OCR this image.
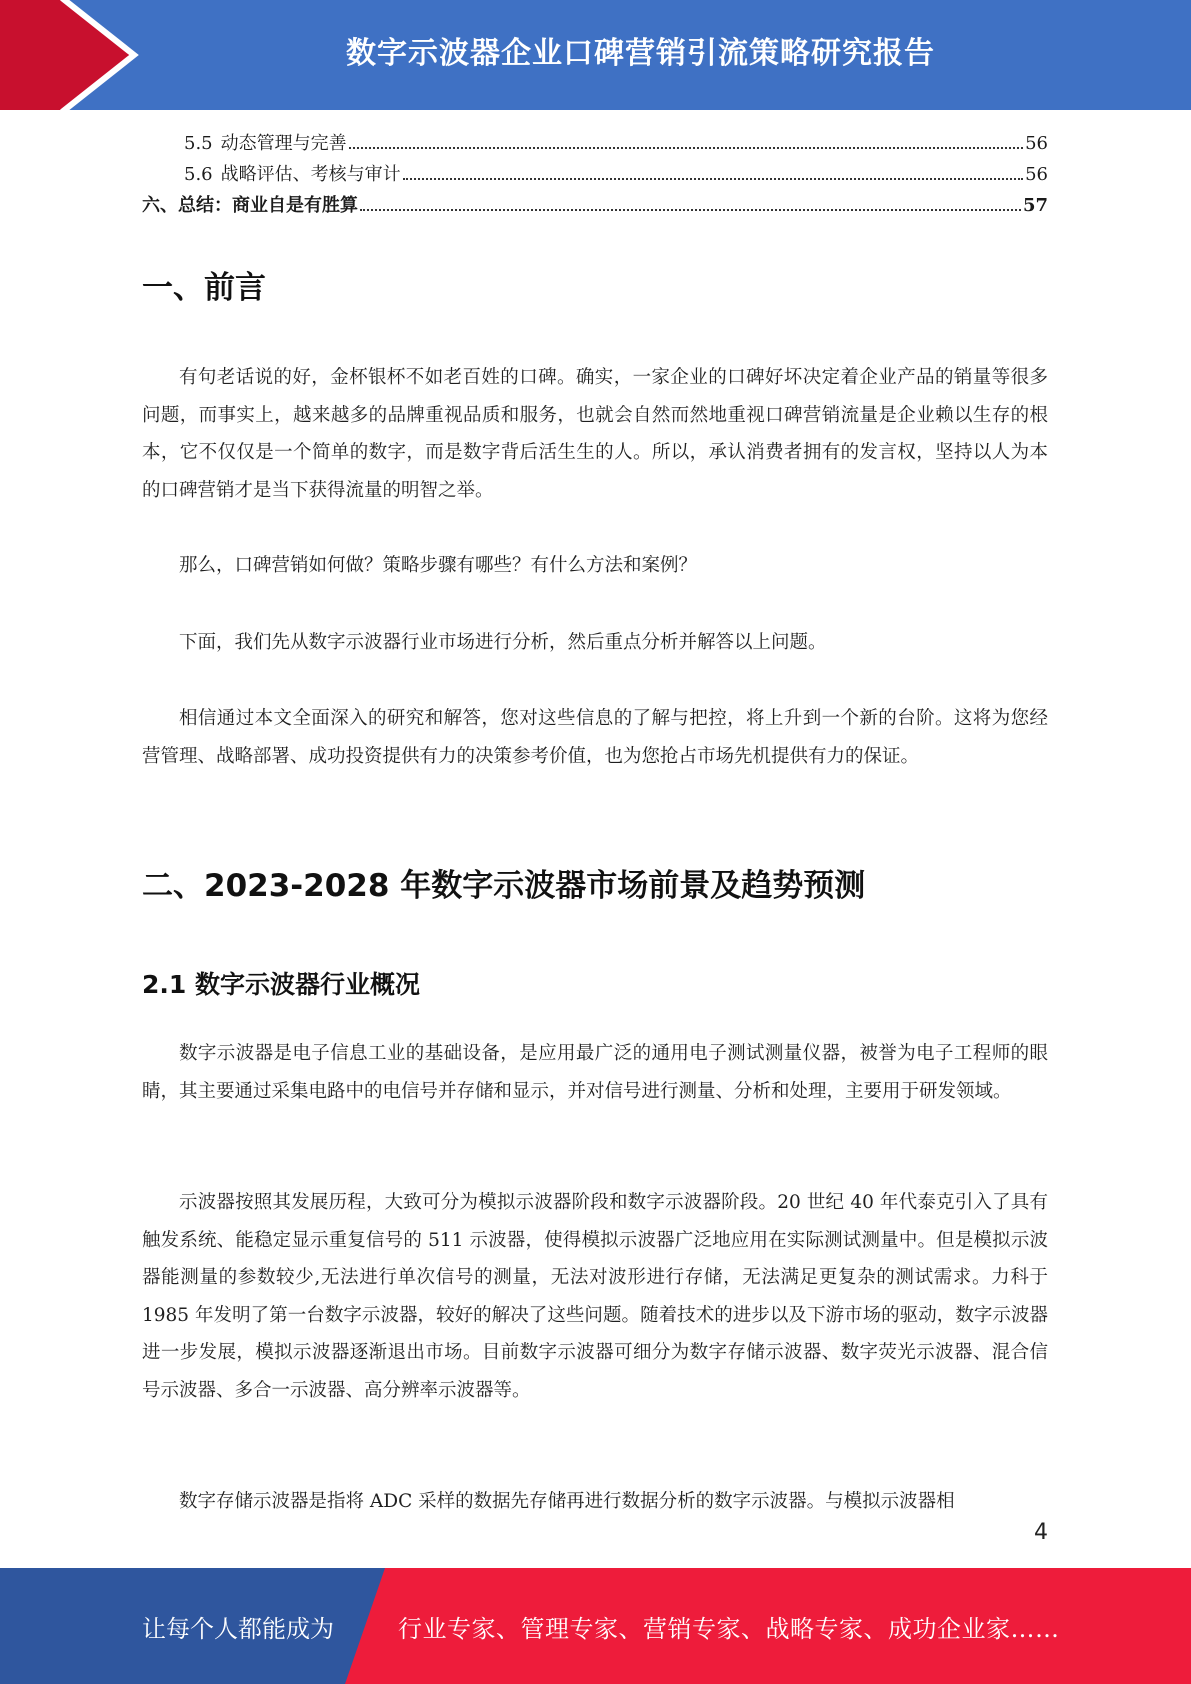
数字示波器企业口碑营销引流策略研究报告
5.5 动态管理与完善	56
5.6 战略评估、考核与审计	56
六、 总结：商业自是有胜算	57
一、前言

有句老话说的好，金杯银杯不如老百姓的口碑。确实，一家企业的口碑好坏决定着企业产品的销量等很多问题，而事实上，越来越多的品牌重视品质和服务，也就会自然而然地重视口碑营销流量是企业赖以生存的根本，它不仅仅是一个简单的数字，而是数字背后活生生的人。所以，承认消费者拥有的发言权，坚持以人为本的口碑营销才是当下获得流量的明智之举。

那么，口碑营销如何做？策略步骤有哪些？有什么方法和案例？

下面，我们先从数字示波器行业市场进行分析，然后重点分析并解答以上问题。

相信通过本文全面深入的研究和解答，您对这些信息的了解与把控，将上升到一个新的台阶。这将为您经营管理、战略部署、成功投资提供有力的决策参考价值，也为您抢占市场先机提供有力的保证。

二、2023-2028 年数字示波器市场前景及趋势预测
2.1 数字示波器行业概况

数字示波器是电子信息工业的基础设备，是应用最广泛的通用电子测试测量仪器，被誉为电子工程师的眼睛，其主要通过采集电路中的电信号并存储和显示，并对信号进行测量、分析和处理，主要用于研发领域。

示波器按照其发展历程，大致可分为模拟示波器阶段和数字示波器阶段。20 世纪 40 年代泰克引入了具有触发系统、能稳定显示重复信号的 511 示波器，使得模拟示波器广泛地应用在实际测试测量中。但是模拟示波器能测量的参数较少,无法进行单次信号的测量，无法对波形进行存储，无法满足更复杂的测试需求。力科于 1985 年发明了第一台数字示波器，较好的解决了这些问题。随着技术的进步以及下游市场的驱动，数字示波器进一步发展，模拟示波器逐渐退出市场。目前数字示波器可细分为数字存储示波器、数字荧光示波器、混合信号示波器、多合一示波器、高分辨率示波器等。

数字存储示波器是指将 ADC 采样的数据先存储再进行数据分析的数字示波器。与模拟示波器相

4
让每个人都能成为	行业专家、管理专家、营销专家、战略专家、成功企业家……
